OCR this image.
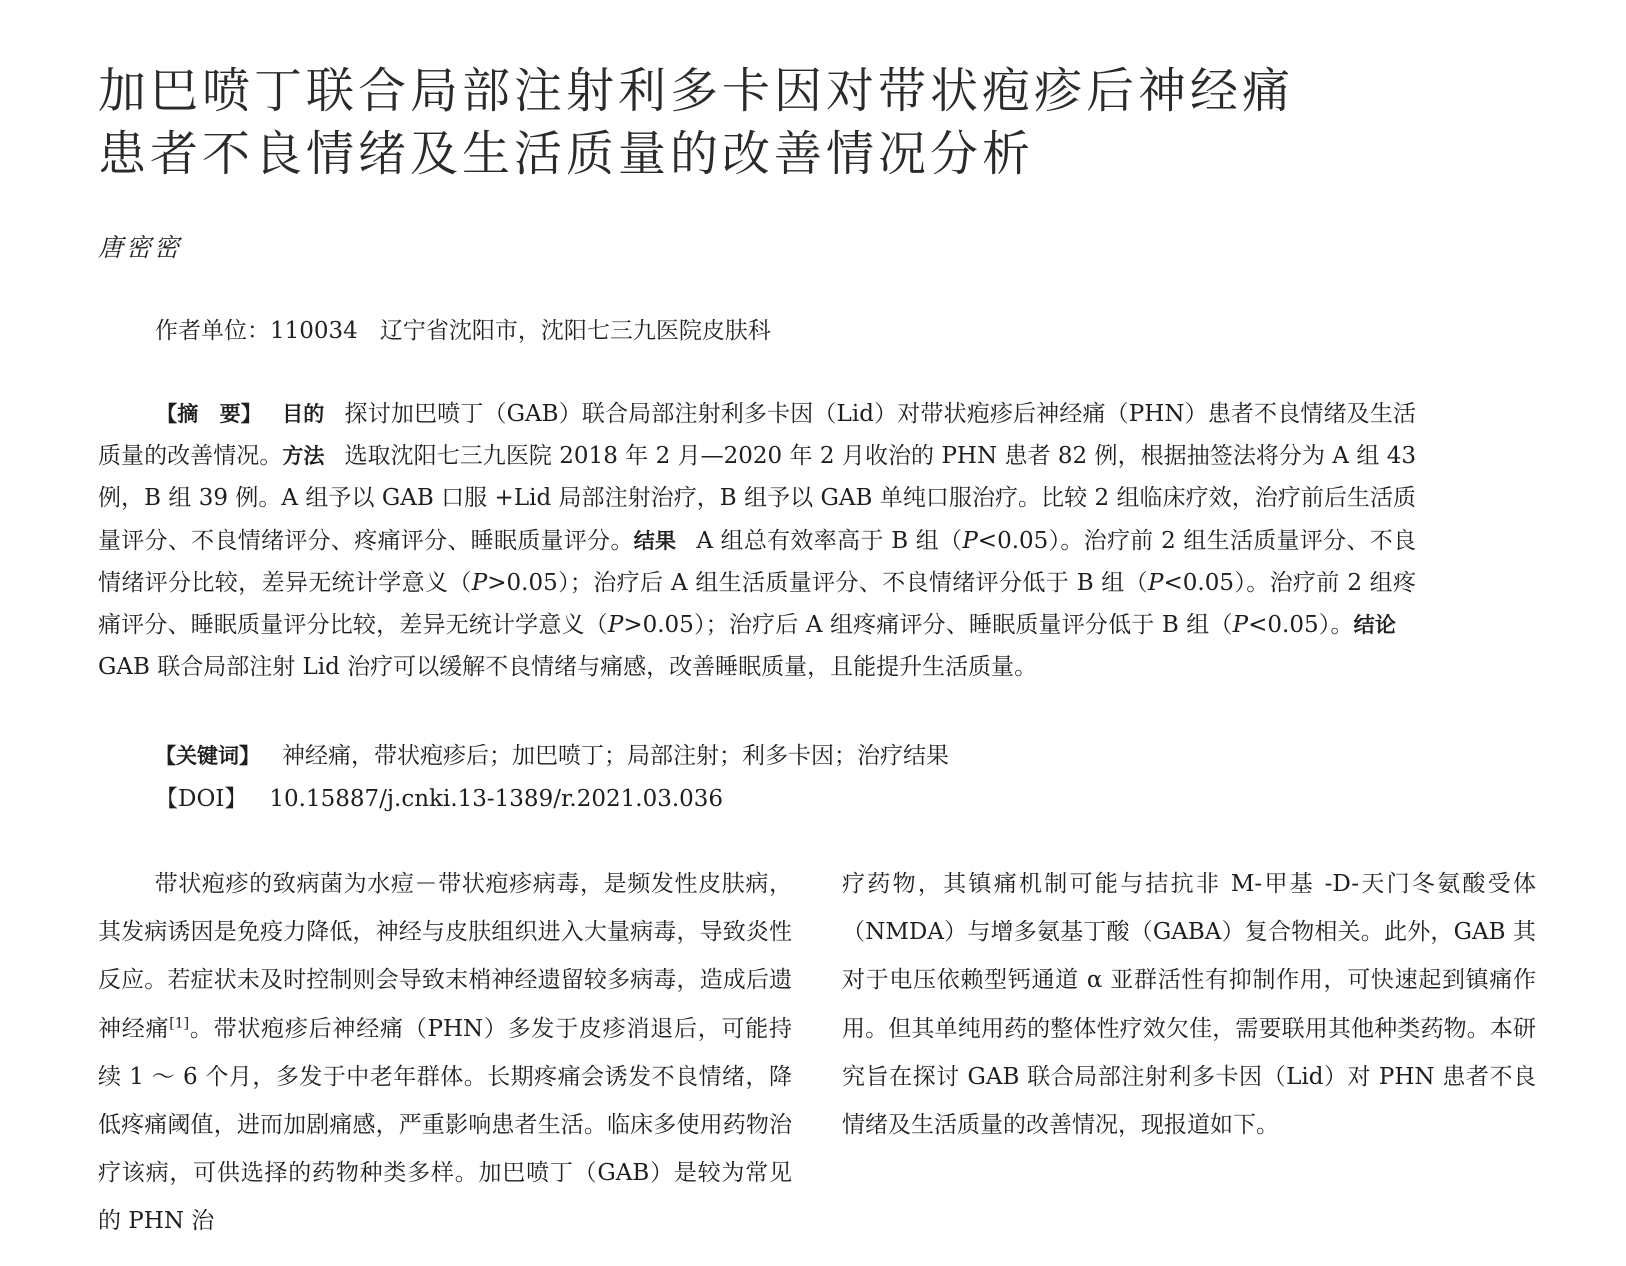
加巴喷丁联合局部注射利多卡因对带状疱疹后神经痛
患者不良情绪及生活质量的改善情况分析
唐密密
作者单位：110034 辽宁省沈阳市，沈阳七三九医院皮肤科

【摘　要】 目的 探讨加巴喷丁（GAB）联合局部注射利多卡因（Lid）对带状疱疹后神经痛（PHN）患者不良情绪及生活质量的改善情况。方法 选取沈阳七三九医院 2018 年 2 月—2020 年 2 月收治的 PHN 患者 82 例，根据抽签法将分为 A 组 43 例，B 组 39 例。A 组予以 GAB 口服 +Lid 局部注射治疗，B 组予以 GAB 单纯口服治疗。比较 2 组临床疗效，治疗前后生活质量评分、不良情绪评分、疼痛评分、睡眠质量评分。结果 A 组总有效率高于 B 组（P<0.05）。治疗前 2 组生活质量评分、不良情绪评分比较，差异无统计学意义（P>0.05）；治疗后 A 组生活质量评分、不良情绪评分低于 B 组（P<0.05）。治疗前 2 组疼痛评分、睡眠质量评分比较，差异无统计学意义（P>0.05）；治疗后 A 组疼痛评分、睡眠质量评分低于 B 组（P<0.05）。结论GAB 联合局部注射 Lid 治疗可以缓解不良情绪与痛感，改善睡眠质量，且能提升生活质量。

【关键词】 神经痛，带状疱疹后；加巴喷丁；局部注射；利多卡因；治疗结果
【DOI】 10.15887/j.cnki.13-1389/r.2021.03.036

带状疱疹的致病菌为水痘－带状疱疹病毒，是频发性皮肤病，其发病诱因是免疫力降低，神经与皮肤组织进入大量病毒，导致炎性反应。若症状未及时控制则会导致末梢神经遗留较多病毒，造成后遗神经痛[1]。带状疱疹后神经痛（PHN）多发于皮疹消退后，可能持续 1 ～ 6 个月，多发于中老年群体。长期疼痛会诱发不良情绪，降低疼痛阈值，进而加剧痛感，严重影响患者生活。临床多使用药物治疗该病，可供选择的药物种类多样。加巴喷丁（GAB）是较为常见的 PHN 治

疗药物，其镇痛机制可能与拮抗非 M-甲基 -D-天门冬氨酸受体（NMDA）与增多氨基丁酸（GABA）复合物相关。此外，GAB 其对于电压依赖型钙通道 α 亚群活性有抑制作用，可快速起到镇痛作用。但其单纯用药的整体性疗效欠佳，需要联用其他种类药物。本研究旨在探讨 GAB 联合局部注射利多卡因（Lid）对 PHN 患者不良情绪及生活质量的改善情况，现报道如下。
